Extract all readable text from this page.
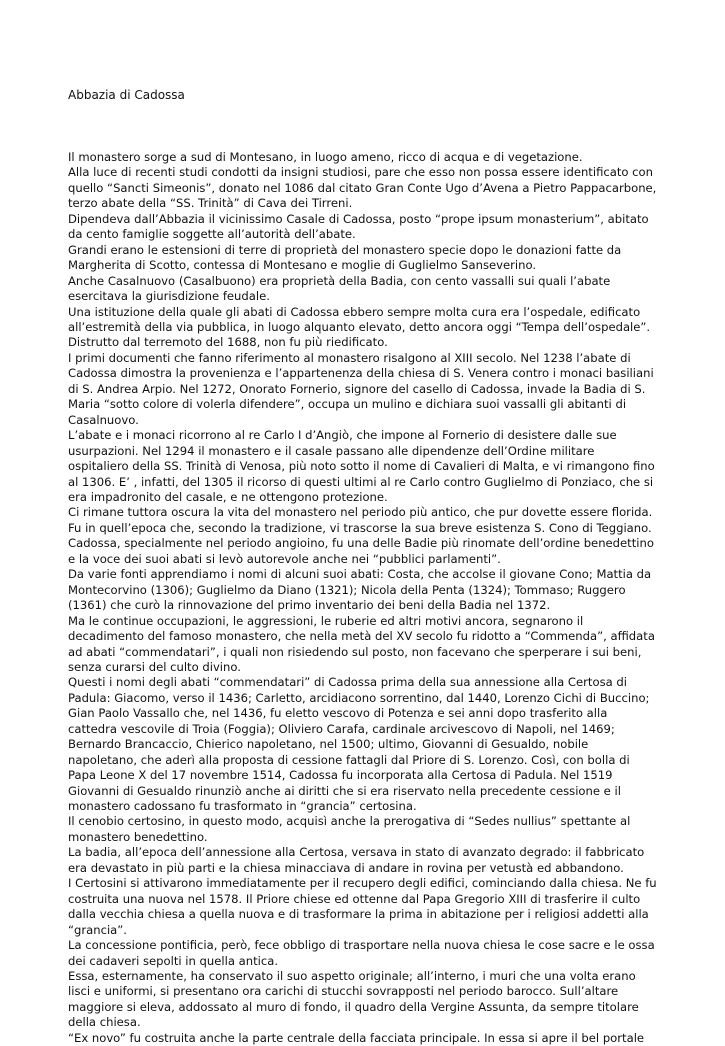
Abbazia di Cadossa

Il monastero sorge a sud di Montesano, in luogo ameno, ricco di acqua e di vegetazione.

Alla luce di recenti studi condotti da insigni studiosi, pare che esso non possa essere identificato con quello “Sancti Simeonis”, donato nel 1086 dal citato Gran Conte Ugo d’Avena a Pietro Pappacarbone, terzo abate della “SS. Trinità” di Cava dei Tirreni.

Dipendeva dall’Abbazia il vicinissimo Casale di Cadossa, posto “prope ipsum monasterium”, abitato da cento famiglie soggette all’autorità dell’abate.

Grandi erano le estensioni di terre di proprietà del monastero specie dopo le donazioni fatte da Margherita di Scotto, contessa di Montesano e moglie di Guglielmo Sanseverino.

Anche Casalnuovo (Casalbuono) era proprietà della Badia, con cento vassalli sui quali l’abate esercitava la giurisdizione feudale.

Una istituzione della quale gli abati di Cadossa ebbero sempre molta cura era l’ospedale, edificato all’estremità della via pubblica, in luogo alquanto elevato, detto ancora oggi “Tempa dell’ospedale”. Distrutto dal terremoto del 1688, non fu più riedificato.

I primi documenti che fanno riferimento al monastero risalgono al XIII secolo. Nel 1238 l’abate di Cadossa dimostra la provenienza e l’appartenenza della chiesa di S. Venera contro i monaci basiliani di S. Andrea Arpio. Nel 1272, Onorato Fornerio, signore del casello di Cadossa, invade la Badia di S. Maria “sotto colore di volerla difendere”, occupa un mulino e dichiara suoi vassalli gli abitanti di Casalnuovo.

L’abate e i monaci ricorrono al re Carlo I d’Angiò, che impone al Fornerio di desistere dalle sue usurpazioni. Nel 1294 il monastero e il casale passano alle dipendenze dell’Ordine militare ospitaliero della SS. Trinità di Venosa, più noto sotto il nome di Cavalieri di Malta, e vi rimangono fino al 1306. E’ , infatti, del 1305 il ricorso di questi ultimi al re Carlo contro Guglielmo di Ponziaco, che si era impadronito del casale, e ne ottengono protezione.

Ci rimane tuttora oscura la vita del monastero nel periodo più antico, che pur dovette essere florida. Fu in quell’epoca che, secondo la tradizione, vi trascorse la sua breve esistenza S. Cono di Teggiano. Cadossa, specialmente nel periodo angioino, fu una delle Badie più rinomate dell’ordine benedettino e la voce dei suoi abati si levò autorevole anche nei “pubblici parlamenti”.

Da varie fonti apprendiamo i nomi di alcuni suoi abati: Costa, che accolse il giovane Cono; Mattia da Montecorvino (1306); Guglielmo da Diano (1321); Nicola della Penta (1324); Tommaso; Ruggero (1361) che curò la rinnovazione del primo inventario dei beni della Badia nel 1372.

Ma le continue occupazioni, le aggressioni, le ruberie ed altri motivi ancora, segnarono il decadimento del famoso monastero, che nella metà del XV secolo fu ridotto a “Commenda”, affidata ad abati “commendatari”, i quali non risiedendo sul posto, non facevano che sperperare i sui beni, senza curarsi del culto divino.

Questi i nomi degli abati “commendatari” di Cadossa prima della sua annessione alla Certosa di Padula: Giacomo, verso il 1436; Carletto, arcidiacono sorrentino, dal 1440, Lorenzo Cichi di Buccino; Gian Paolo Vassallo che, nel 1436, fu eletto vescovo di Potenza e sei anni dopo trasferito alla cattedra vescovile di Troia (Foggia); Oliviero Carafa, cardinale arcivescovo di Napoli, nel 1469; Bernardo Brancaccio, Chierico napoletano, nel 1500; ultimo, Giovanni di Gesualdo, nobile napoletano, che aderì alla proposta di cessione fattagli dal Priore di S. Lorenzo. Così, con bolla di Papa Leone X del 17 novembre 1514, Cadossa fu incorporata alla Certosa di Padula. Nel 1519 Giovanni di Gesualdo rinunziò anche ai diritti che si era riservato nella precedente cessione e il monastero cadossano fu trasformato in “grancia” certosina.

Il cenobio certosino, in questo modo, acquisì anche la prerogativa di “Sedes nullius” spettante al monastero benedettino.

La badia, all’epoca dell’annessione alla Certosa, versava in stato di avanzato degrado: il fabbricato era devastato in più parti e la chiesa minacciava di andare in rovina per vetustà ed abbandono.

I Certosini si attivarono immediatamente per il recupero degli edifici, cominciando dalla chiesa. Ne fu costruita una nuova nel 1578. Il Priore chiese ed ottenne dal Papa Gregorio XIII di trasferire il culto dalla vecchia chiesa a quella nuova e di trasformare la prima in abitazione per i religiosi addetti alla “grancia”.

La concessione pontificia, però, fece obbligo di trasportare nella nuova chiesa le cose sacre e le ossa dei cadaveri sepolti in quella antica.

Essa, esternamente, ha conservato il suo aspetto originale; all’interno, i muri che una volta erano lisci e uniformi, si presentano ora carichi di stucchi sovrapposti nel periodo barocco. Sull’altare maggiore si eleva, addossato al muro di fondo, il quadro della Vergine Assunta, da sempre titolare della chiesa.

“Ex novo” fu costruita anche la parte centrale della facciata principale. In essa si apre il bel portale
